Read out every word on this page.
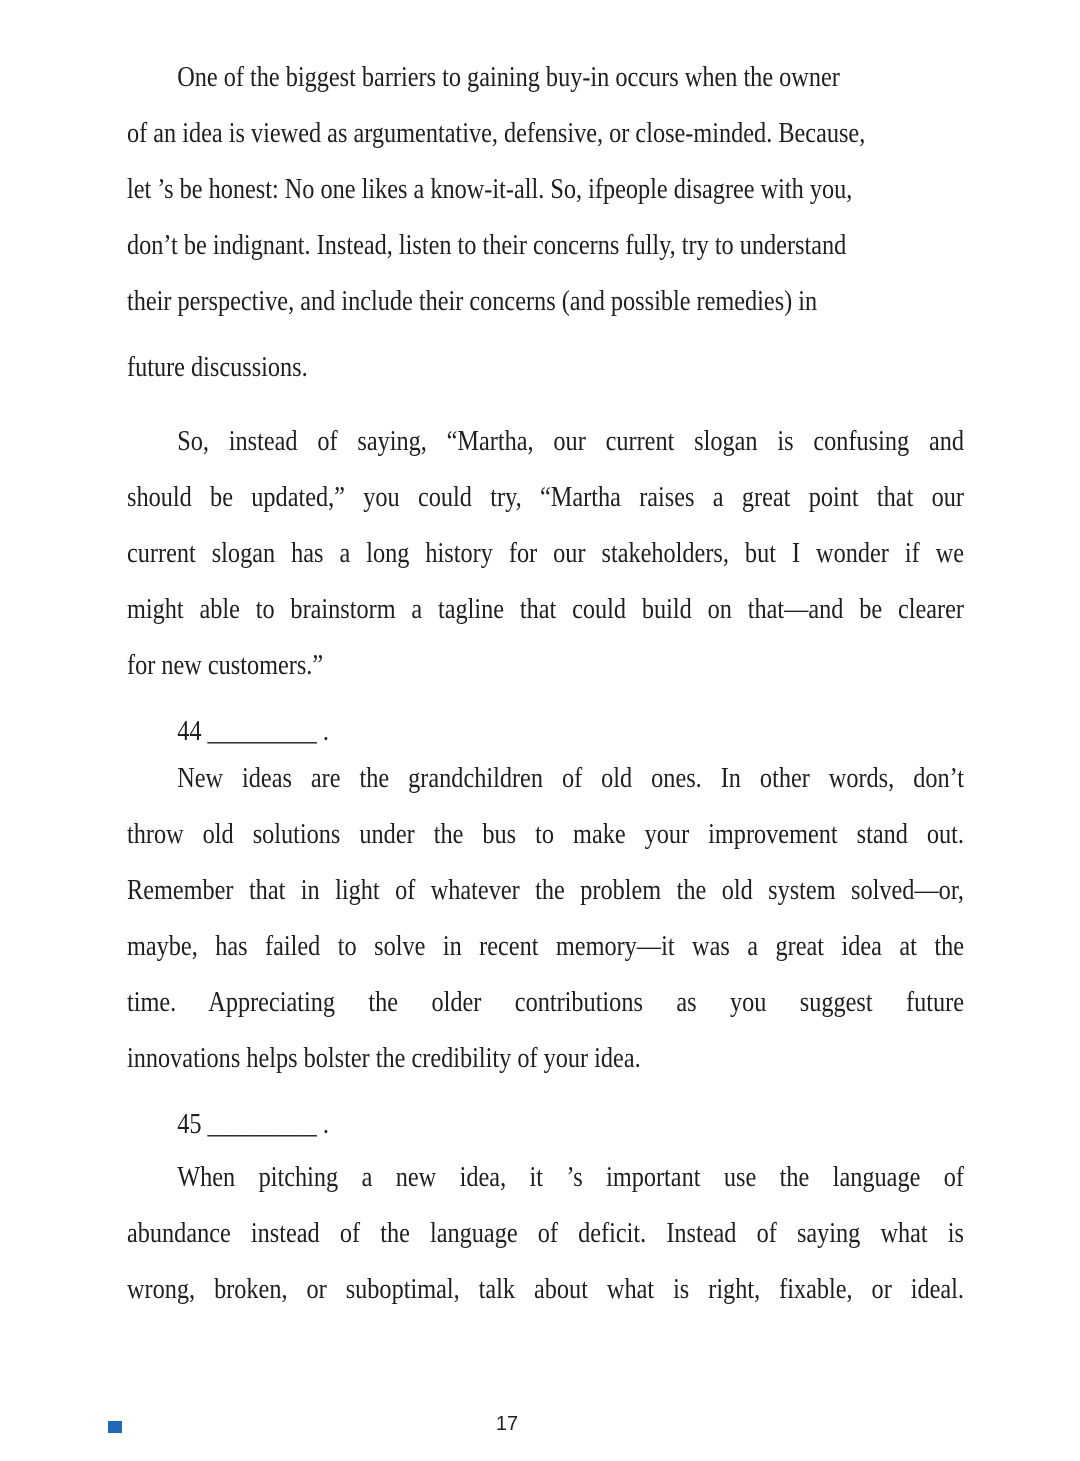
One of the biggest barriers to gaining buy-in occurs when the owner
of an idea is viewed as argumentative, defensive, or close-minded. Because,
let ’s be honest: No one likes a know-it-all. So, ifpeople disagree with you,
don’t be indignant. Instead, listen to their concerns fully, try to understand
their perspective, and include their concerns (and possible remedies) in
future discussions.
So, instead of saying, “Martha, our current slogan is confusing and
should be updated,” you could try, “Martha raises a great point that our
current slogan has a long history for our stakeholders, but I wonder if we
might able to brainstorm a tagline that could build on that—and be clearer
for new customers.”
44 _________ .
New ideas are the grandchildren of old ones. In other words, don’t
throw old solutions under the bus to make your improvement stand out.
Remember that in light of whatever the problem the old system solved—or,
maybe, has failed to solve in recent memory—it was a great idea at the
time. Appreciating the older contributions as you suggest future
innovations helps bolster the credibility of your idea.
45 _________ .
When pitching a new idea, it ’s important use the language of
abundance instead of the language of deficit. Instead of saying what is
wrong, broken, or suboptimal, talk about what is right, fixable, or ideal.
17
